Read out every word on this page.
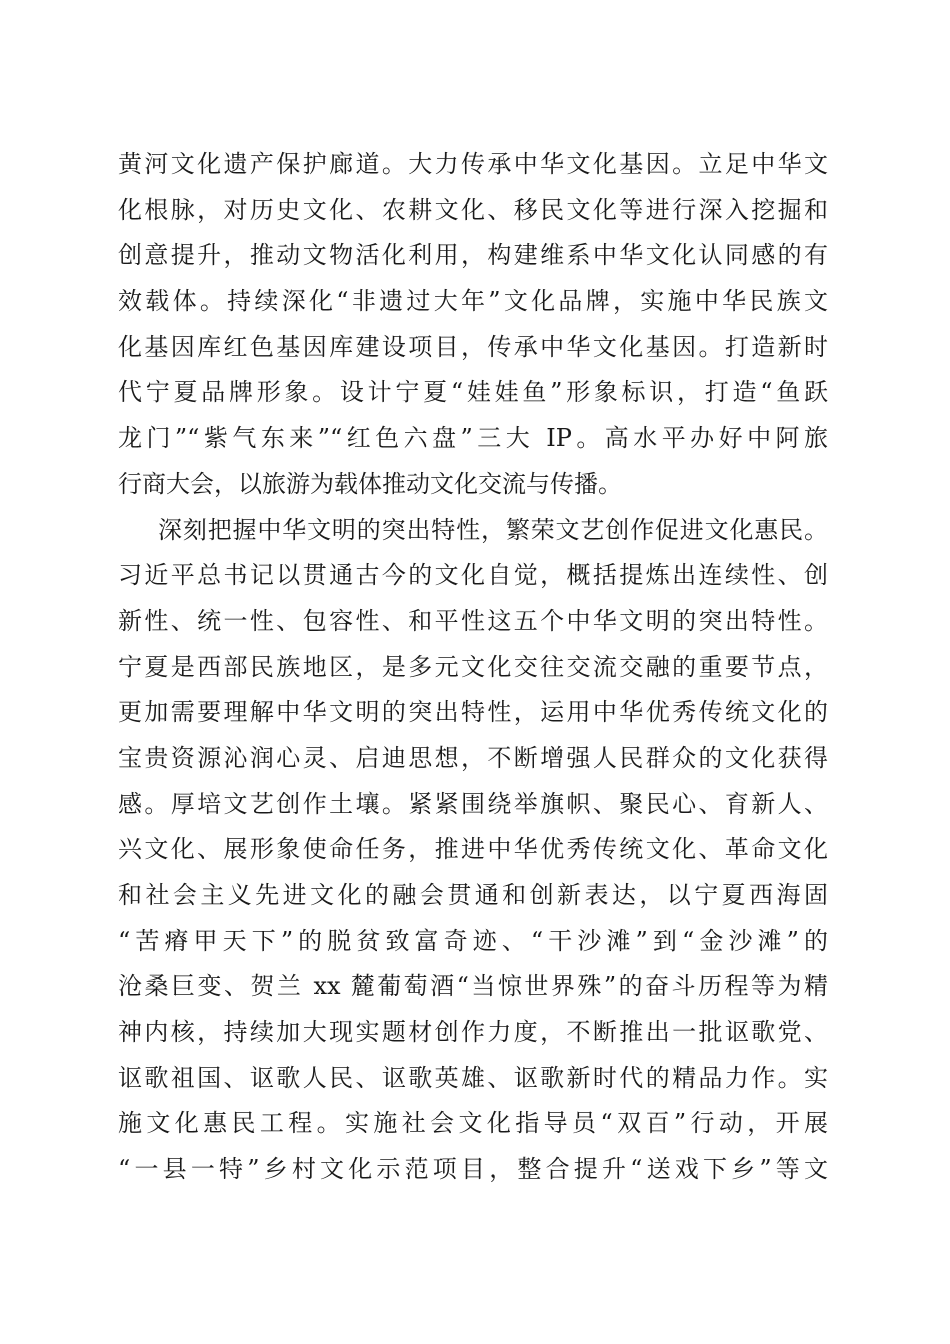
黄河文化遗产保护廊道。大力传承中华文化基因。立足中华文
化根脉，对历史文化、农耕文化、移民文化等进行深入挖掘和
创意提升，推动文物活化利用，构建维系中华文化认同感的有
效载体。持续深化“非遗过大年”文化品牌，实施中华民族文
化基因库红色基因库建设项目，传承中华文化基因。打造新时
代宁夏品牌形象。设计宁夏“娃娃鱼”形象标识，打造“鱼跃
龙门”“紫气东来”“红色六盘”三大 IP。高水平办好中阿旅
行商大会，以旅游为载体推动文化交流与传播。
深刻把握中华文明的突出特性，繁荣文艺创作促进文化惠民。
习近平总书记以贯通古今的文化自觉，概括提炼出连续性、创
新性、统一性、包容性、和平性这五个中华文明的突出特性。
宁夏是西部民族地区，是多元文化交往交流交融的重要节点，
更加需要理解中华文明的突出特性，运用中华优秀传统文化的
宝贵资源沁润心灵、启迪思想，不断增强人民群众的文化获得
感。厚培文艺创作土壤。紧紧围绕举旗帜、聚民心、育新人、
兴文化、展形象使命任务，推进中华优秀传统文化、革命文化
和社会主义先进文化的融会贯通和创新表达，以宁夏西海固
“苦瘠甲天下”的脱贫致富奇迹、“干沙滩”到“金沙滩”的
沧桑巨变、贺兰 xx 麓葡萄酒“当惊世界殊”的奋斗历程等为精
神内核，持续加大现实题材创作力度，不断推出一批讴歌党、
讴歌祖国、讴歌人民、讴歌英雄、讴歌新时代的精品力作。实
施文化惠民工程。实施社会文化指导员“双百”行动，开展
“一县一特”乡村文化示范项目，整合提升“送戏下乡”等文
